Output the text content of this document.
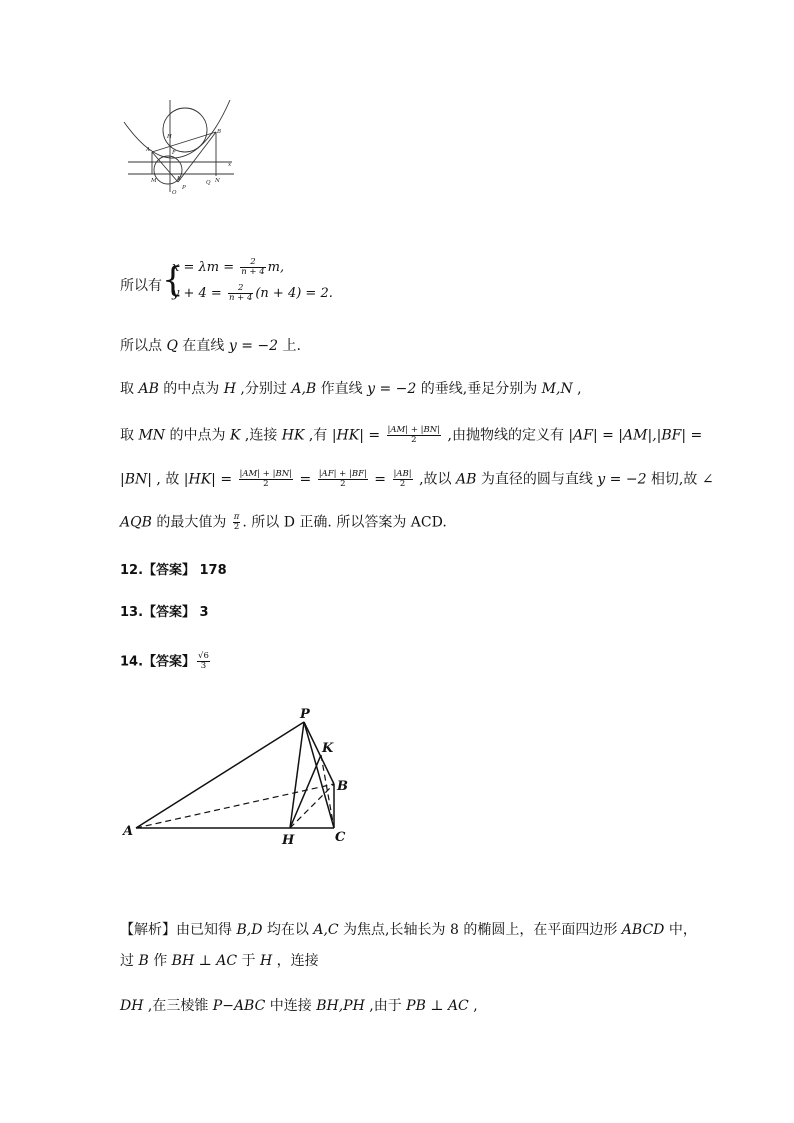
H
A
B
F
x
M	K
Q N
O
P
所以有 {
$x = \lambda m = \frac{2}{n + 4} m$,
$y + 4 = \frac{2}{n + 4} (n + 4) = 2$.
所以点 Q 在直线 y = −2 上.
取 AB 的中点为 H ,分别过 A,B 作直线 y = −2 的垂线,垂足分别为 M,N ,
取 MN 的中点为 K ,连接 HK ,有 $|HK| = \frac{|AM| + |BN|}{2}$ ,由抛物线的定义有 |AF| = |AM|,|BF| =
|BN| , 故 $|HK| = \frac{|AM| + |BN|}{2} = \frac{|AF| + |BF|}{2} = \frac{|AB|}{2}$ ,故以 AB 为直径的圆与直线 y = −2 相切,故 ∠
AQB 的最大值为 $\frac{\pi}{2}$ . 所以 D 正确. 所以答案为 ACD.
12.【答案】 178
13.【答案】 3
14.【答案】 $\frac{√6}{3}$
P
K
B
A
H	C
【解析】由已知得 B,D 均在以 A,C 为焦点,长轴长为 8 的椭圆上，在平面四边形 ABCD 中，
过 B 作 BH ⊥ AC 于 H ，连接
DH ,在三棱锥 P−ABC 中连接 BH,PH ,由于 PB ⊥ AC ,
